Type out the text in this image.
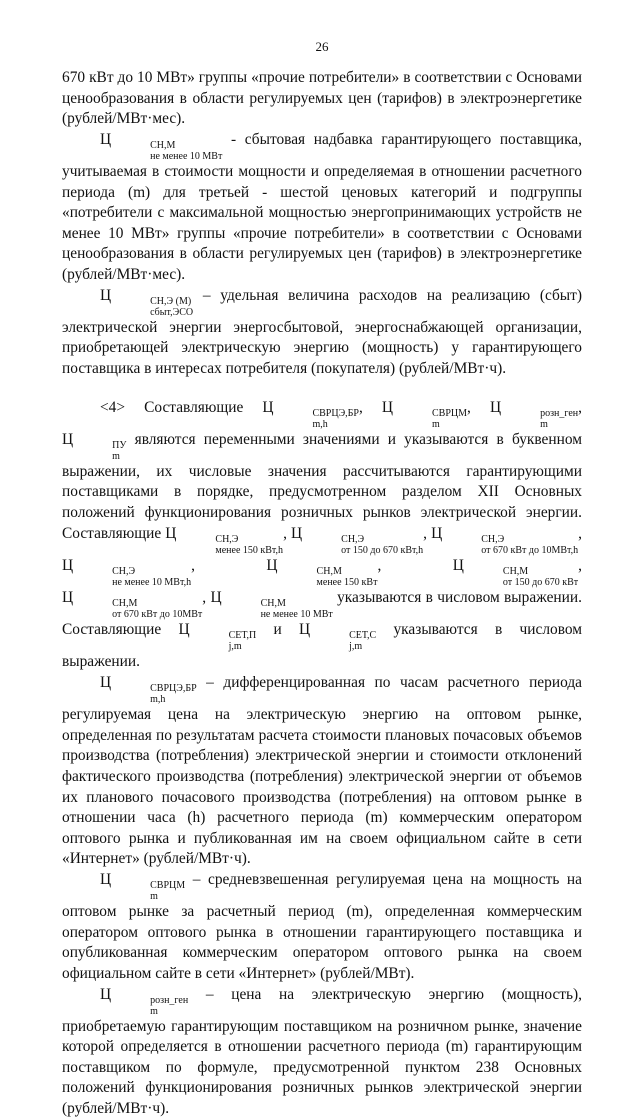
26

670 кВт до 10 МВт» группы «прочие потребители» в соответствии с Основами ценообразования в области регулируемых цен (тарифов) в электроэнергетике (рублей/МВт·мес).

Ц	СН,М
не менее 10 МВт
- сбытовая надбавка гарантирующего поставщика, учитываемая в стоимости мощности и определяемая в отношении расчетного периода (m) для третьей - шестой ценовых категорий и подгруппы «потребители с максимальной мощностью энергопринимающих устройств не менее 10 МВт» группы «прочие потребители» в соответствии с Основами ценообразования в области регулируемых цен (тарифов) в электроэнергетике (рублей/МВт·мес).

Ц	СН,Э (М)
сбыт,ЭСО
– удельная величина расходов на реализацию (сбыт) электрической энергии энергосбытовой, энергоснабжающей организации, приобретающей электрическую энергию (мощность) у гарантирующего поставщика в интересах потребителя (покупателя) (рублей/МВт·ч).

<4> Составляющие Ц	СВРЦЭ,БР
m,h
, Ц	СВРЦМ
m
, Ц	розн_ген
m
, Ц	ПУ
m
являются переменными значениями и указываются в буквенном выражении, их числовые значения рассчитываются гарантирующими поставщиками в порядке, предусмотренном разделом XII Основных положений функционирования розничных рынков электрической энергии. Составляющие Ц	СН,Э
менее 150 кВт,h
, Ц	СН,Э
от 150 до 670 кВт,h
, Ц	СН,Э
от 670 кВт до 10МВт,h
, Ц	СН,Э
не менее 10 МВт,h
, Ц	СН,М
менее 150 кВт
, Ц	СН,М
от 150 до 670 кВт
, Ц	СН,М
от 670 кВт до 10МВт
, Ц	СН,М
не менее 10 МВт
указываются в числовом выражении. Составляющие Ц	СЕТ,П
j,m
и Ц	СЕТ,С
j,m
указываются в числовом выражении.

Ц	СВРЦЭ,БР
m,h
– дифференцированная по часам расчетного периода регулируемая цена на электрическую энергию на оптовом рынке, определенная по результатам расчета стоимости плановых почасовых объемов производства (потребления) электрической энергии и стоимости отклонений фактического производства (потребления) электрической энергии от объемов их планового почасового производства (потребления) на оптовом рынке в отношении часа (h) расчетного периода (m) коммерческим оператором оптового рынка и публикованная им на своем официальном сайте в сети «Интернет» (рублей/МВт·ч).

Ц	СВРЦМ
m
– средневзвешенная регулируемая цена на мощность на оптовом рынке за расчетный период (m), определенная коммерческим оператором оптового рынка в отношении гарантирующего поставщика и опубликованная коммерческим оператором оптового рынка на своем официальном сайте в сети «Интернет» (рублей/МВт).

Ц	розн_ген
m
– цена на электрическую энергию (мощность), приобретаемую гарантирующим поставщиком на розничном рынке, значение которой определяется в отношении расчетного периода (m) гарантирующим поставщиком по формуле, предусмотренной пунктом 238 Основных положений функционирования розничных рынков электрической энергии (рублей/МВт·ч).
